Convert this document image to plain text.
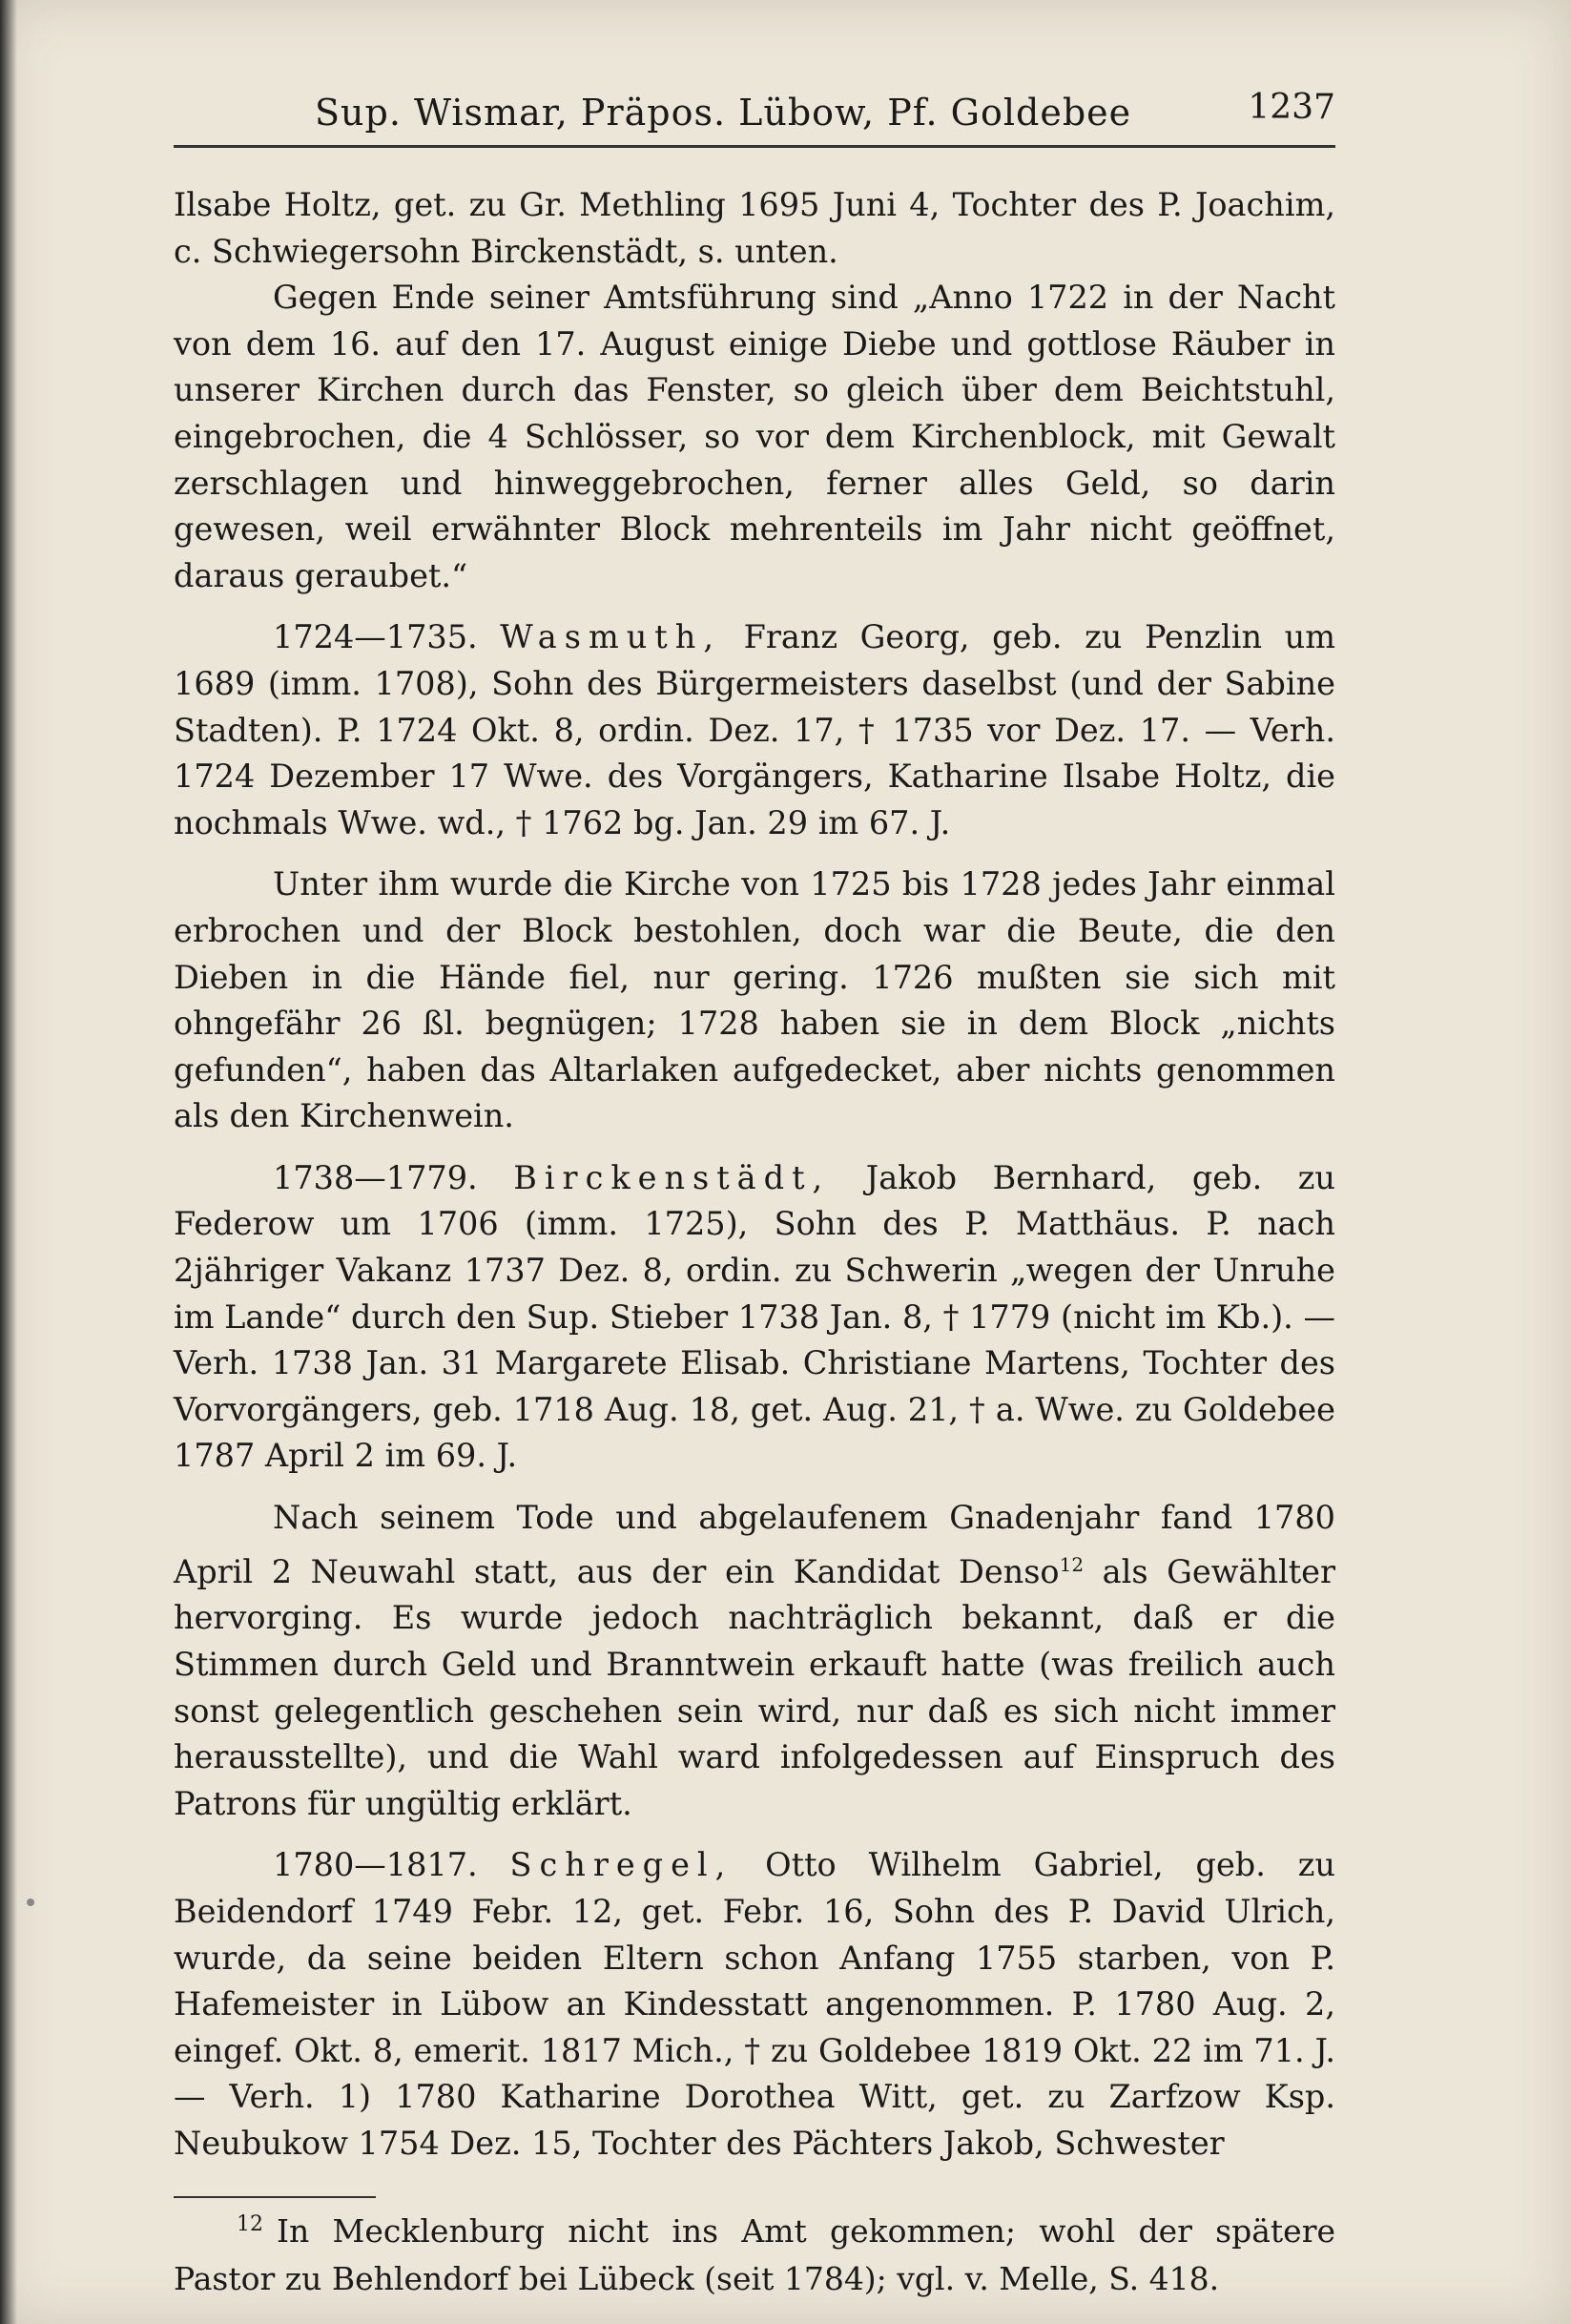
Sup. Wismar, Präpos. Lübow, Pf. Goldebee	1237

Ilsabe Holtz, get. zu Gr. Methling 1695 Juni 4, Tochter des P. Joachim, c. Schwiegersohn Birckenstädt, s. unten.

Gegen Ende seiner Amtsführung sind „Anno 1722 in der Nacht von dem 16. auf den 17. August einige Diebe und gottlose Räuber in unserer Kirchen durch das Fenster, so gleich über dem Beichtstuhl, eingebrochen, die 4 Schlösser, so vor dem Kirchenblock, mit Gewalt zerschlagen und hinweggebrochen, ferner alles Geld, so darin gewesen, weil erwähnter Block mehrenteils im Jahr nicht geöffnet, daraus geraubet.“

1724—1735. Wasmuth, Franz Georg, geb. zu Penzlin um 1689 (imm. 1708), Sohn des Bürgermeisters daselbst (und der Sabine Stadten). P. 1724 Okt. 8, ordin. Dez. 17, † 1735 vor Dez. 17. — Verh. 1724 Dezember 17 Wwe. des Vorgängers, Katharine Ilsabe Holtz, die nochmals Wwe. wd., † 1762 bg. Jan. 29 im 67. J.

Unter ihm wurde die Kirche von 1725 bis 1728 jedes Jahr einmal erbrochen und der Block bestohlen, doch war die Beute, die den Dieben in die Hände fiel, nur gering. 1726 mußten sie sich mit ohngefähr 26 ßl. begnügen; 1728 haben sie in dem Block „nichts gefunden“, haben das Altarlaken aufgedecket, aber nichts genommen als den Kirchenwein.

1738—1779. Birckenstädt, Jakob Bernhard, geb. zu Federow um 1706 (imm. 1725), Sohn des P. Matthäus. P. nach 2jähriger Vakanz 1737 Dez. 8, ordin. zu Schwerin „wegen der Unruhe im Lande“ durch den Sup. Stieber 1738 Jan. 8, † 1779 (nicht im Kb.). — Verh. 1738 Jan. 31 Margarete Elisab. Christiane Martens, Tochter des Vorvorgängers, geb. 1718 Aug. 18, get. Aug. 21, † a. Wwe. zu Goldebee 1787 April 2 im 69. J.

Nach seinem Tode und abgelaufenem Gnadenjahr fand 1780 April 2 Neuwahl statt, aus der ein Kandidat Denso$^{12}$ als Gewählter hervorging. Es wurde jedoch nachträglich bekannt, daß er die Stimmen durch Geld und Branntwein erkauft hatte (was freilich auch sonst gelegentlich geschehen sein wird, nur daß es sich nicht immer herausstellte), und die Wahl ward infolgedessen auf Einspruch des Patrons für ungültig erklärt.

1780—1817. Schregel, Otto Wilhelm Gabriel, geb. zu Beidendorf 1749 Febr. 12, get. Febr. 16, Sohn des P. David Ulrich, wurde, da seine beiden Eltern schon Anfang 1755 starben, von P. Hafemeister in Lübow an Kindesstatt angenommen. P. 1780 Aug. 2, eingef. Okt. 8, emerit. 1817 Mich., † zu Goldebee 1819 Okt. 22 im 71. J. — Verh. 1) 1780 Katharine Dorothea Witt, get. zu Zarfzow Ksp. Neubukow 1754 Dez. 15, Tochter des Pächters Jakob, Schwester

$^{12}$ In Mecklenburg nicht ins Amt gekommen; wohl der spätere Pastor zu Behlendorf bei Lübeck (seit 1784); vgl. v. Melle, S. 418.
